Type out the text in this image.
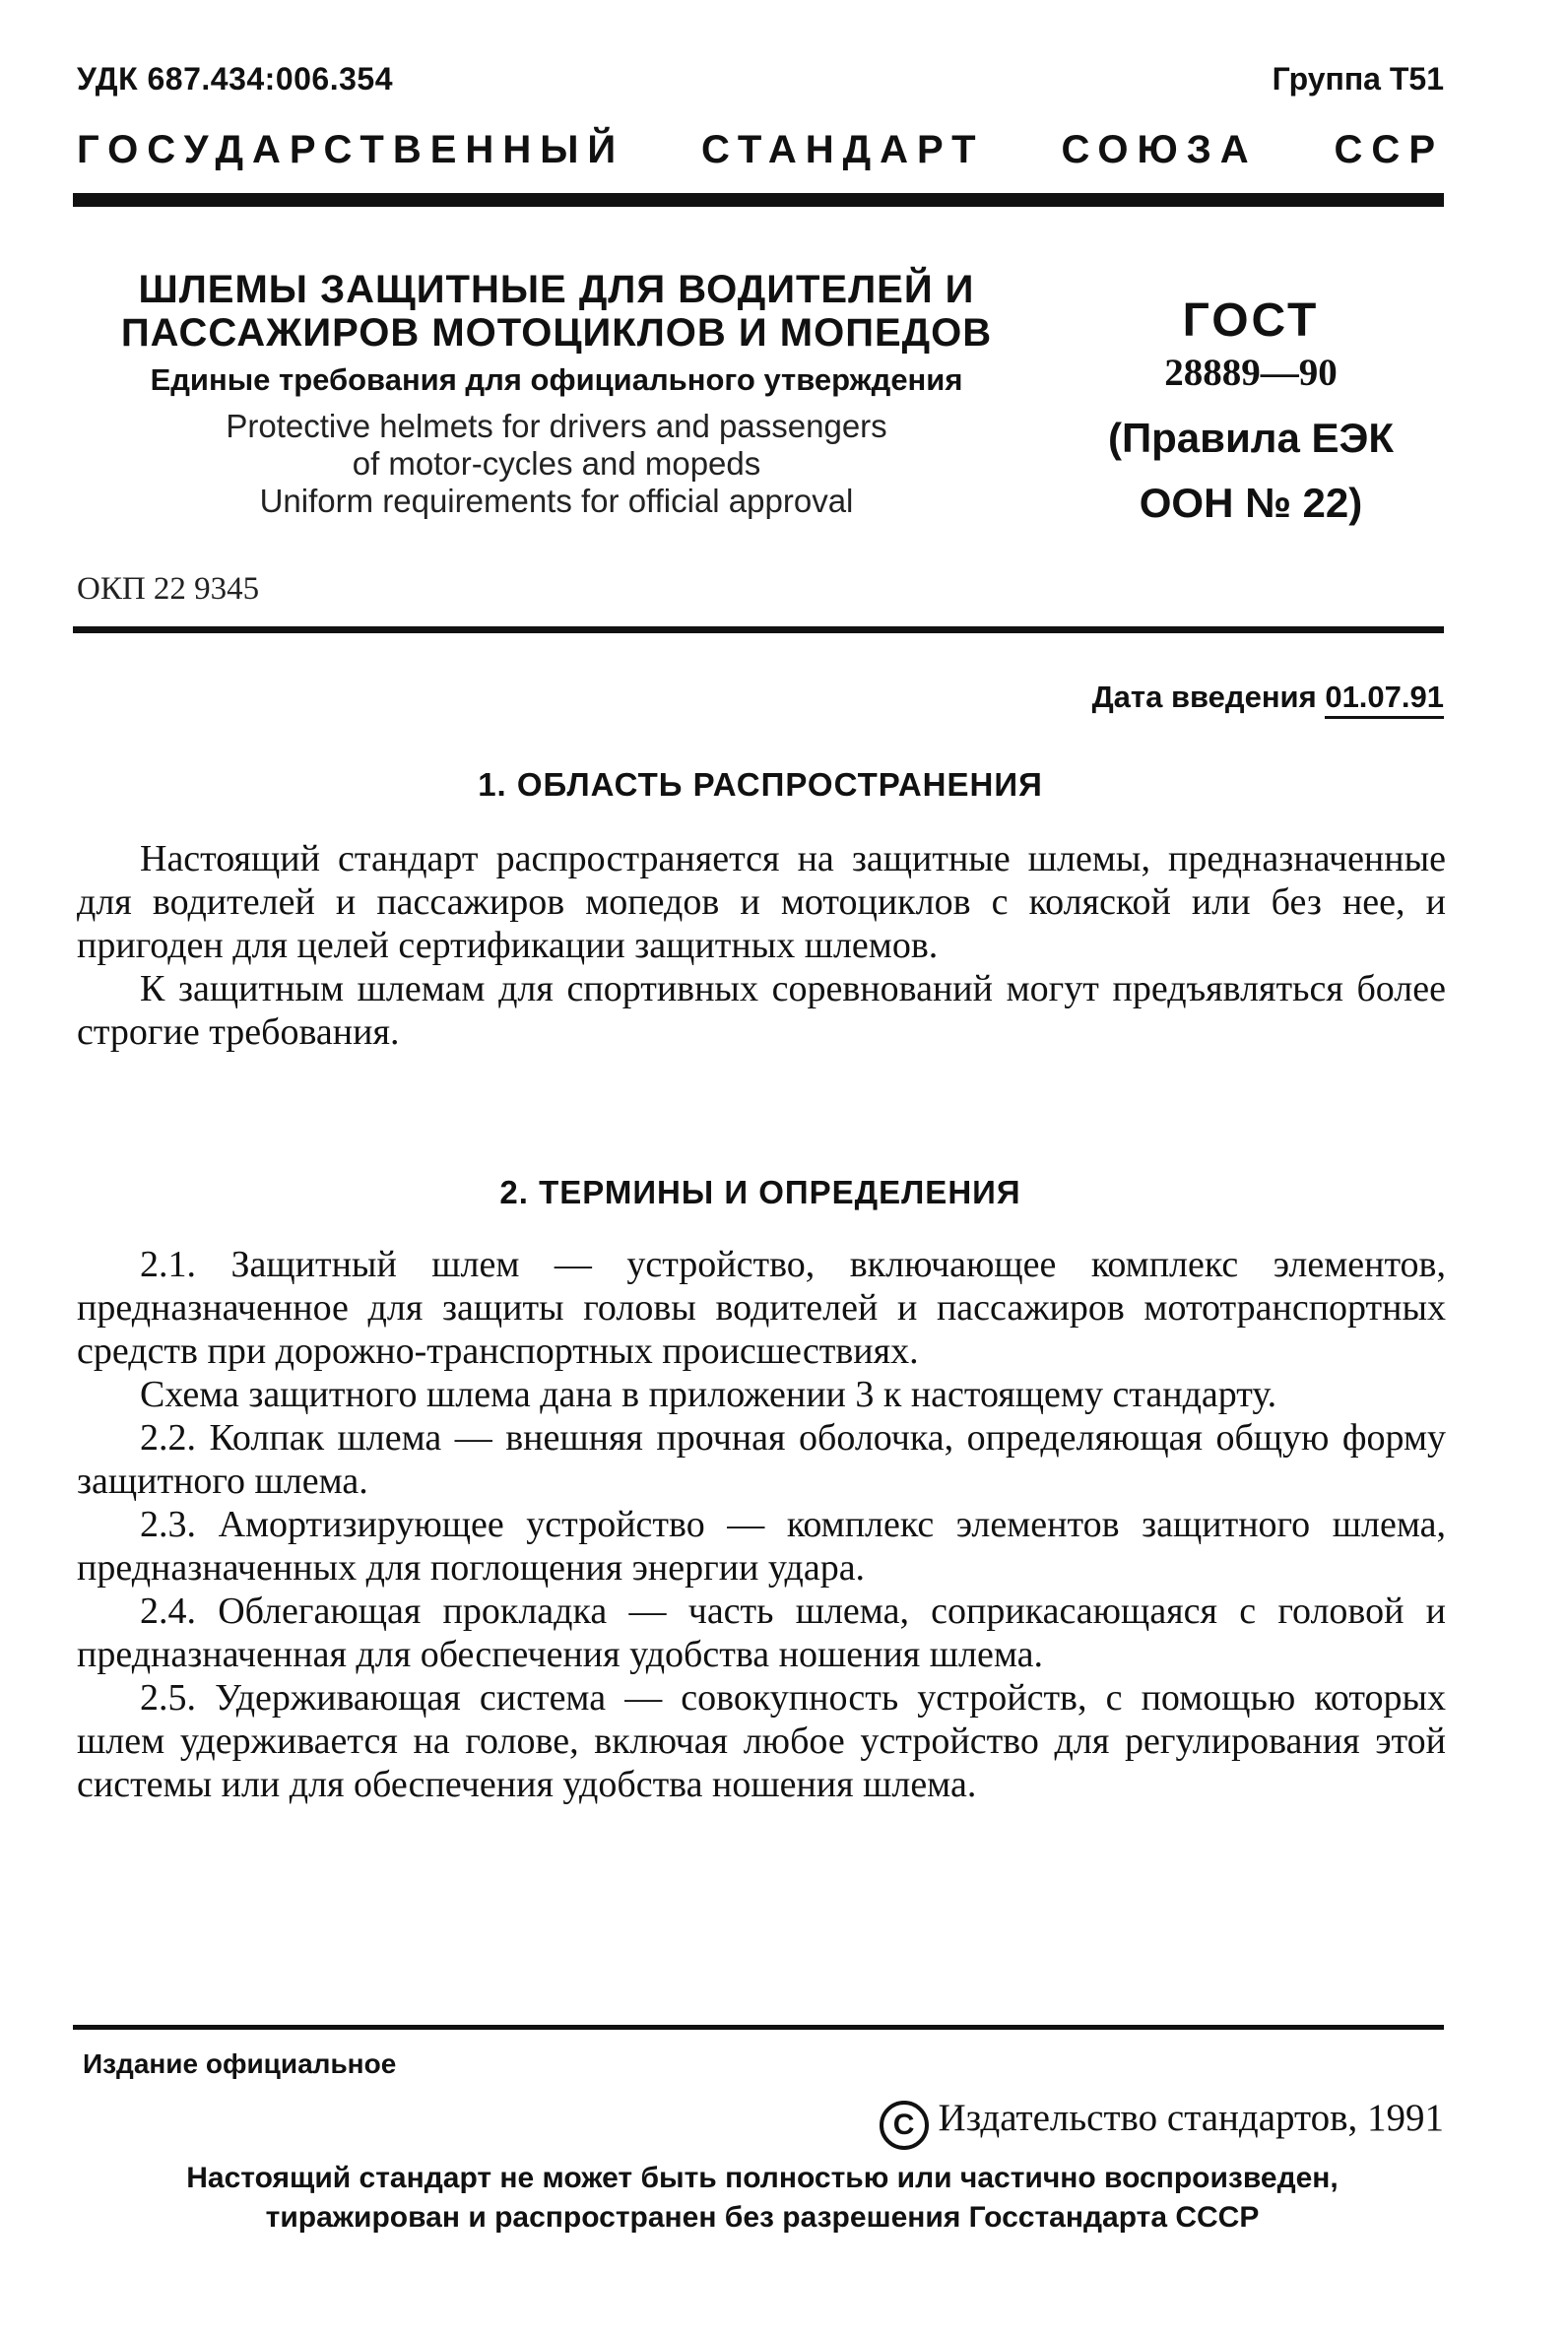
УДК 687.434:006.354	Группа Т51
ГОСУДАРСТВЕННЫЙ СТАНДАРТ СОЮЗА ССР
ШЛЕМЫ ЗАЩИТНЫЕ ДЛЯ ВОДИТЕЛЕЙ И
ПАССАЖИРОВ МОТОЦИКЛОВ И МОПЕДОВ
Единые требования для официального утверждения
Protective helmets for drivers and passengers
of motor-cycles and mopeds
Uniform requirements for official approval
ГОСТ
28889—90
(Правила ЕЭК
ООН № 22)
ОКП 22 9345
Дата введения 01.07.91
1. ОБЛАСТЬ РАСПРОСТРАНЕНИЯ

Настоящий стандарт распространяется на защитные шлемы, предназначенные для водителей и пассажиров мопедов и мотоциклов с коляской или без нее, и пригоден для целей сертификации защитных шлемов.

К защитным шлемам для спортивных соревнований могут предъявляться более строгие требования.

2. ТЕРМИНЫ И ОПРЕДЕЛЕНИЯ

2.1. Защитный шлем — устройство, включающее комплекс элементов, предназначенное для защиты головы водителей и пассажиров мототранспортных средств при дорожно-транспортных происшествиях.

Схема защитного шлема дана в приложении 3 к настоящему стандарту.

2.2. Колпак шлема — внешняя прочная оболочка, определяющая общую форму защитного шлема.

2.3. Амортизирующее устройство — комплекс элементов защитного шлема, предназначенных для поглощения энергии удара.

2.4. Облегающая прокладка — часть шлема, соприкасающаяся с головой и предназначенная для обеспечения удобства ношения шлема.

2.5. Удерживающая система — совокупность устройств, с помощью которых шлем удерживается на голове, включая любое устройство для регулирования этой системы или для обеспечения удобства ношения шлема.

Издание официальное
C Издательство стандартов, 1991
Настоящий стандарт не может быть полностью или частично воспроизведен,
тиражирован и распространен без разрешения Госстандарта СССР
